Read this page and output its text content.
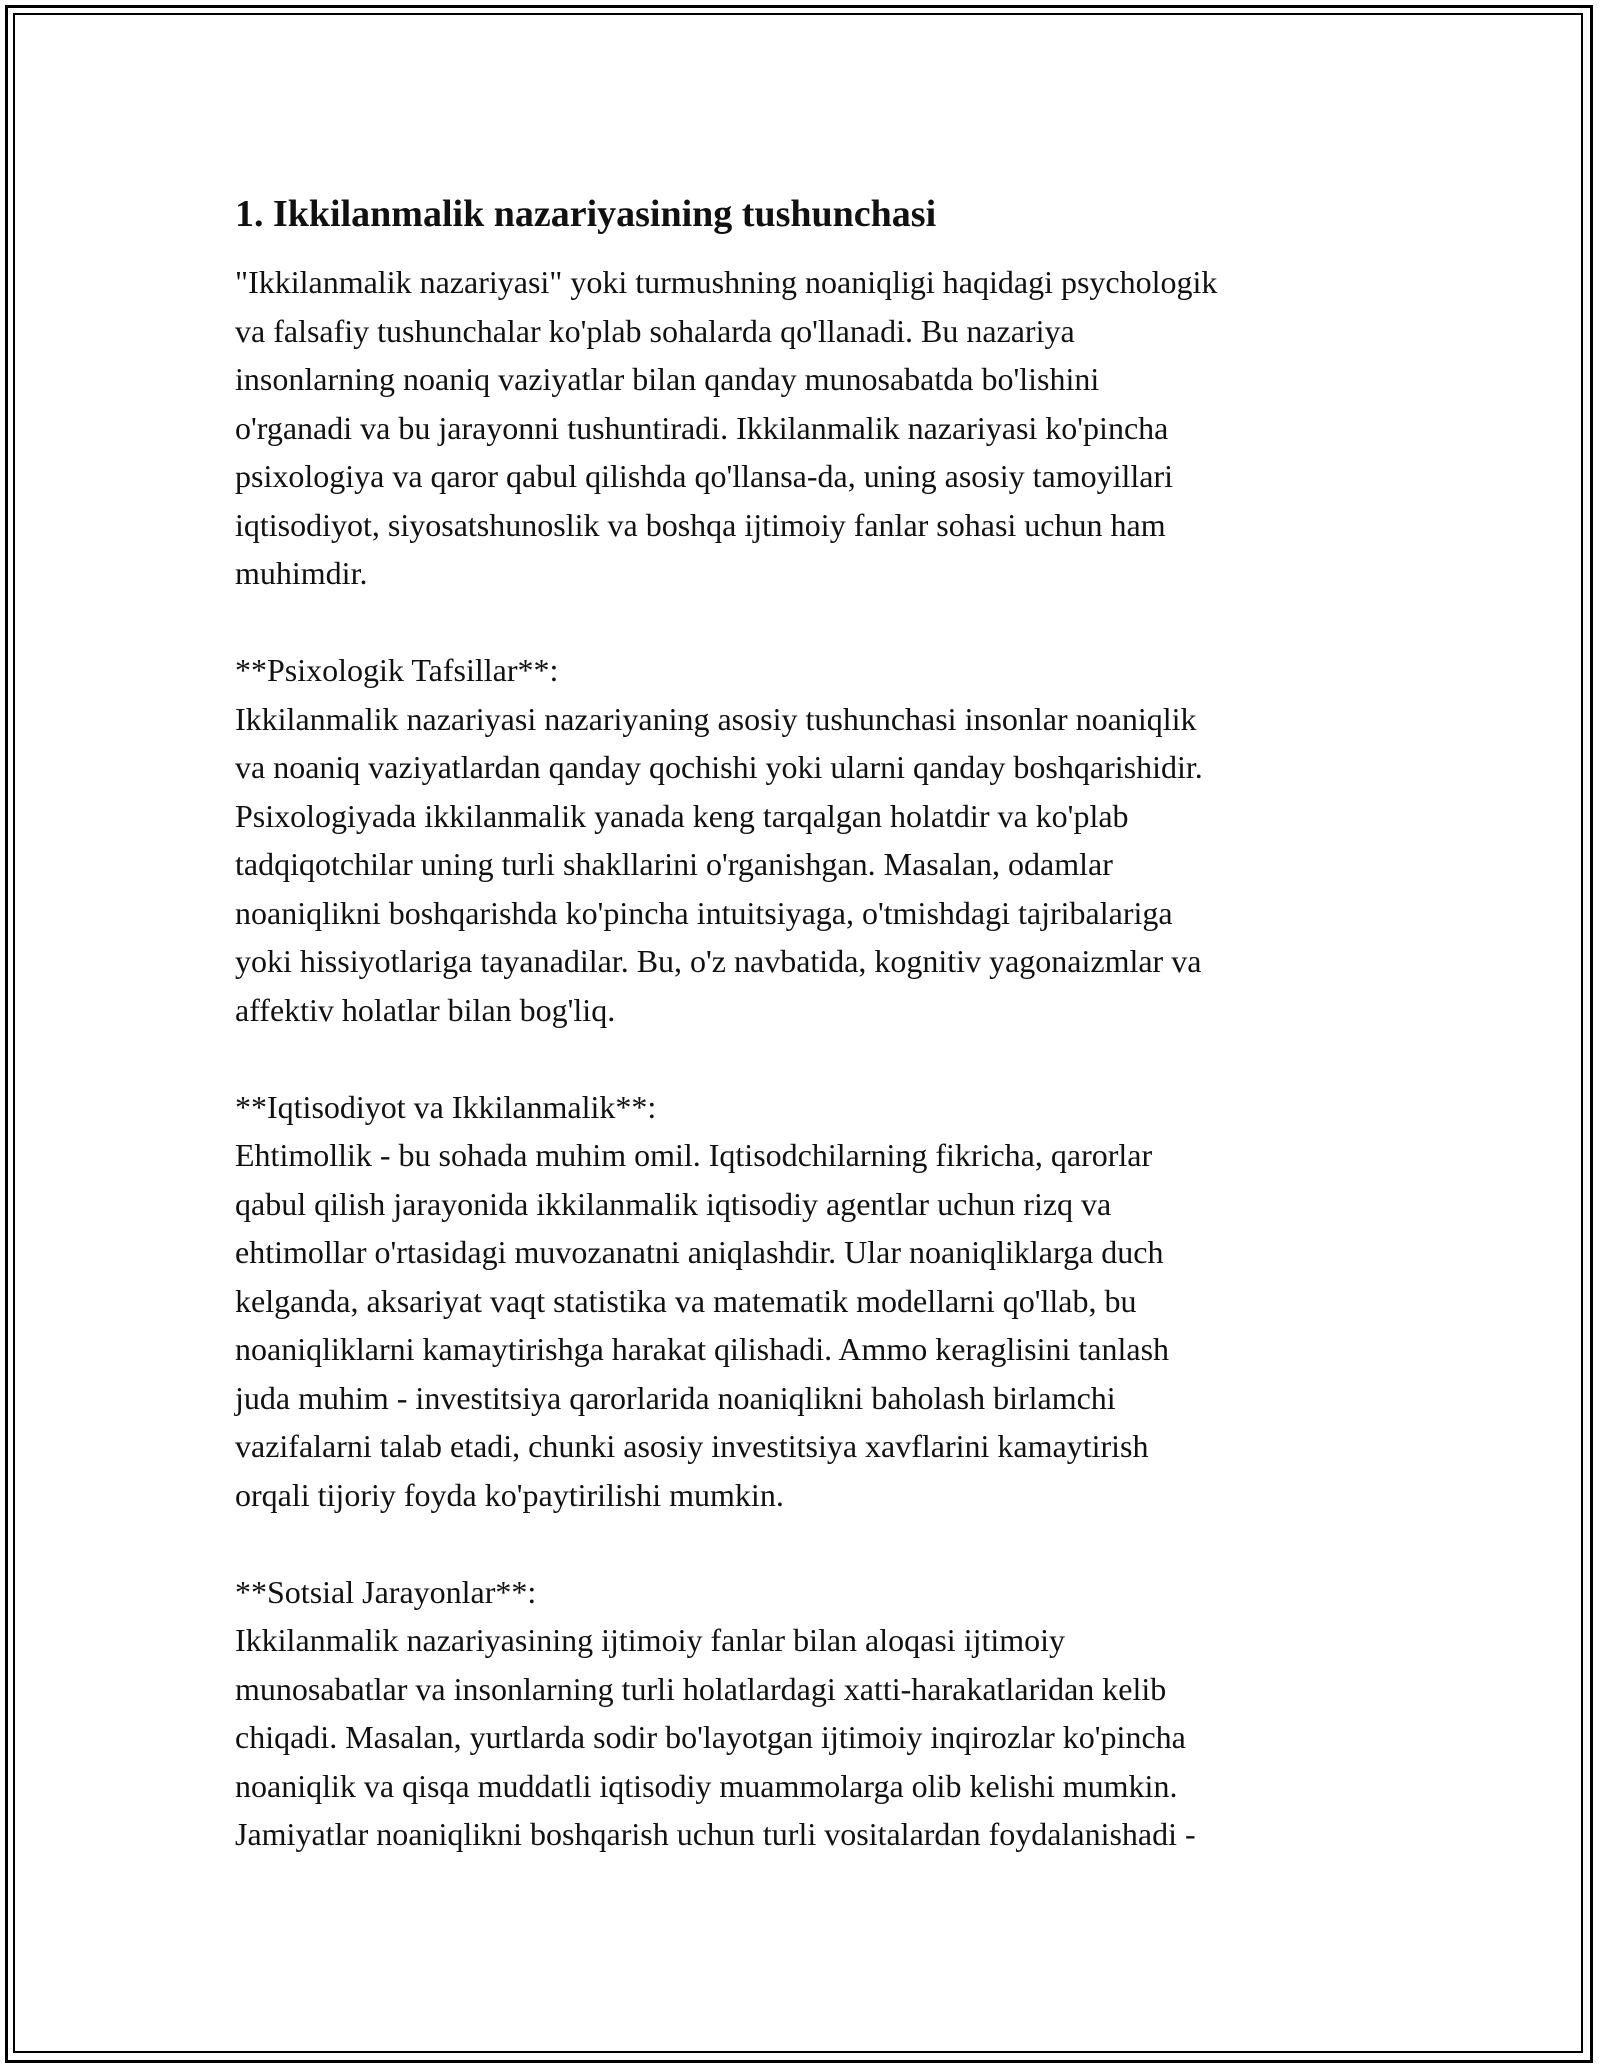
1. Ikkilanmalik nazariyasining tushunchasi
"Ikkilanmalik nazariyasi" yoki turmushning noaniqligi haqidagi psychologik
va falsafiy tushunchalar ko'plab sohalarda qo'llanadi. Bu nazariya
insonlarning noaniq vaziyatlar bilan qanday munosabatda bo'lishini
o'rganadi va bu jarayonni tushuntiradi. Ikkilanmalik nazariyasi ko'pincha
psixologiya va qaror qabul qilishda qo'llansa-da, uning asosiy tamoyillari
iqtisodiyot, siyosatshunoslik va boshqa ijtimoiy fanlar sohasi uchun ham
muhimdir.
**Psixologik Tafsillar**:
Ikkilanmalik nazariyasi nazariyaning asosiy tushunchasi insonlar noaniqlik
va noaniq vaziyatlardan qanday qochishi yoki ularni qanday boshqarishidir.
Psixologiyada ikkilanmalik yanada keng tarqalgan holatdir va ko'plab
tadqiqotchilar uning turli shakllarini o'rganishgan. Masalan, odamlar
noaniqlikni boshqarishda ko'pincha intuitsiyaga, o'tmishdagi tajribalariga
yoki hissiyotlariga tayanadilar. Bu, o'z navbatida, kognitiv yagonaizmlar va
affektiv holatlar bilan bog'liq.
**Iqtisodiyot va Ikkilanmalik**:
Ehtimollik - bu sohada muhim omil. Iqtisodchilarning fikricha, qarorlar
qabul qilish jarayonida ikkilanmalik iqtisodiy agentlar uchun rizq va
ehtimollar o'rtasidagi muvozanatni aniqlashdir. Ular noaniqliklarga duch
kelganda, aksariyat vaqt statistika va matematik modellarni qo'llab, bu
noaniqliklarni kamaytirishga harakat qilishadi. Ammo keraglisini tanlash
juda muhim - investitsiya qarorlarida noaniqlikni baholash birlamchi
vazifalarni talab etadi, chunki asosiy investitsiya xavflarini kamaytirish
orqali tijoriy foyda ko'paytirilishi mumkin.
**Sotsial Jarayonlar**:
Ikkilanmalik nazariyasining ijtimoiy fanlar bilan aloqasi ijtimoiy
munosabatlar va insonlarning turli holatlardagi xatti-harakatlaridan kelib
chiqadi. Masalan, yurtlarda sodir bo'layotgan ijtimoiy inqirozlar ko'pincha
noaniqlik va qisqa muddatli iqtisodiy muammolarga olib kelishi mumkin.
Jamiyatlar noaniqlikni boshqarish uchun turli vositalardan foydalanishadi -
